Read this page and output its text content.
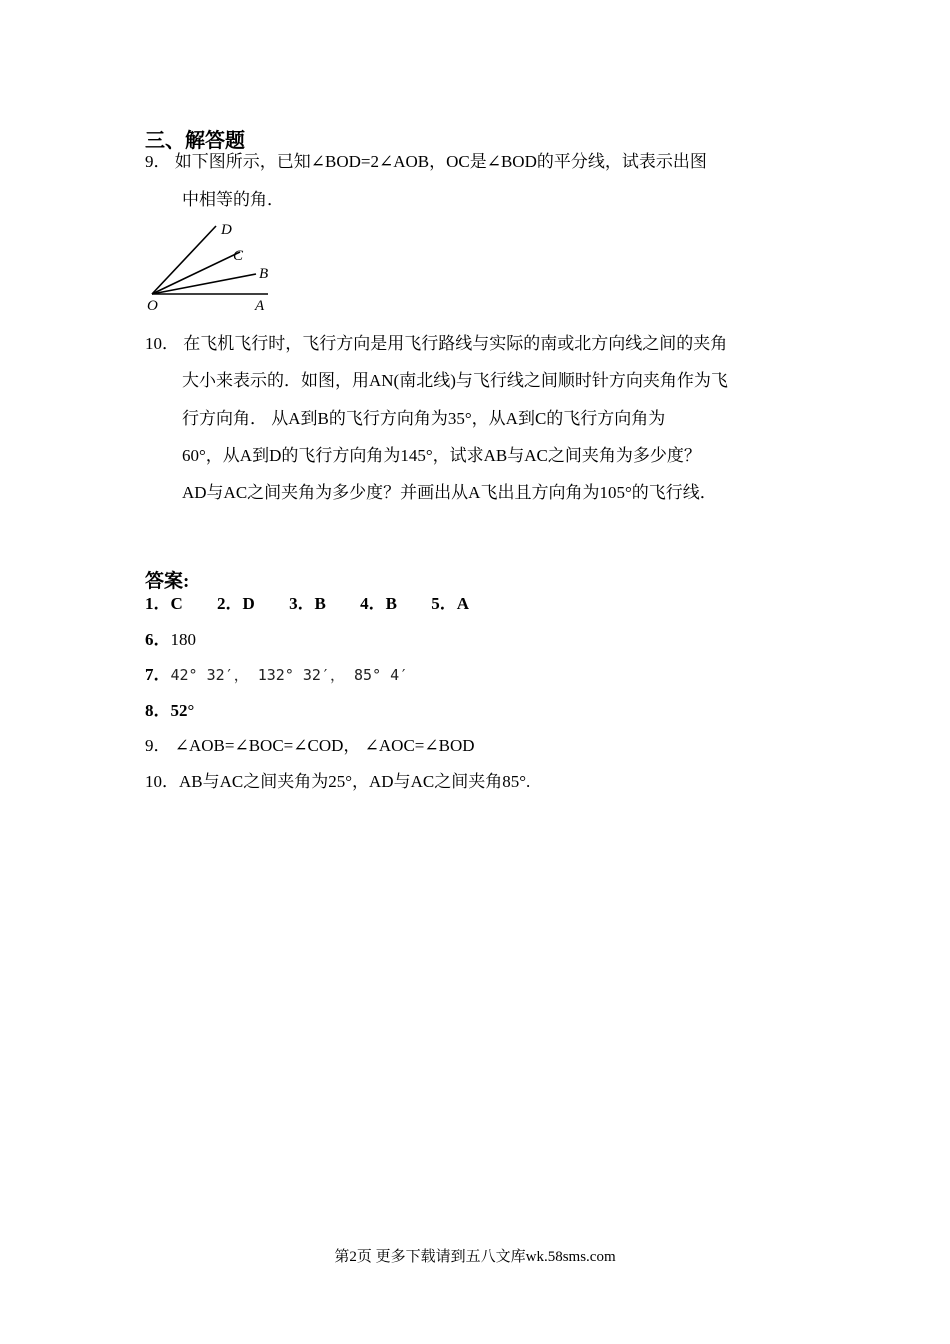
三、解答题
9． 如下图所示，已知∠BOD=2∠AOB，OC是∠BOD的平分线，试表示出图
中相等的角．
D
C
B
O	A
10． 在飞机飞行时，飞行方向是用飞行路线与实际的南或北方向线之间的夹角
大小来表示的．如图，用AN(南北线)与飞行线之间顺时针方向夹角作为飞
行方向角． 从A到B的飞行方向角为35°，从A到C的飞行方向角为
60°，从A到D的飞行方向角为145°，试求AB与AC之间夹角为多少度？
AD与AC之间夹角为多少度？并画出从A飞出且方向角为105°的飞行线．
答案:
1．C 2．D 3．B 4．B 5．A
6．180
7．42° 32′， 132° 32′， 85° 4′
8．52°
9． ∠AOB=∠BOC=∠COD， ∠AOC=∠BOD
10．AB与AC之间夹角为25°，AD与AC之间夹角85°.
第2页 更多下载请到五八文库wk.58sms.com
